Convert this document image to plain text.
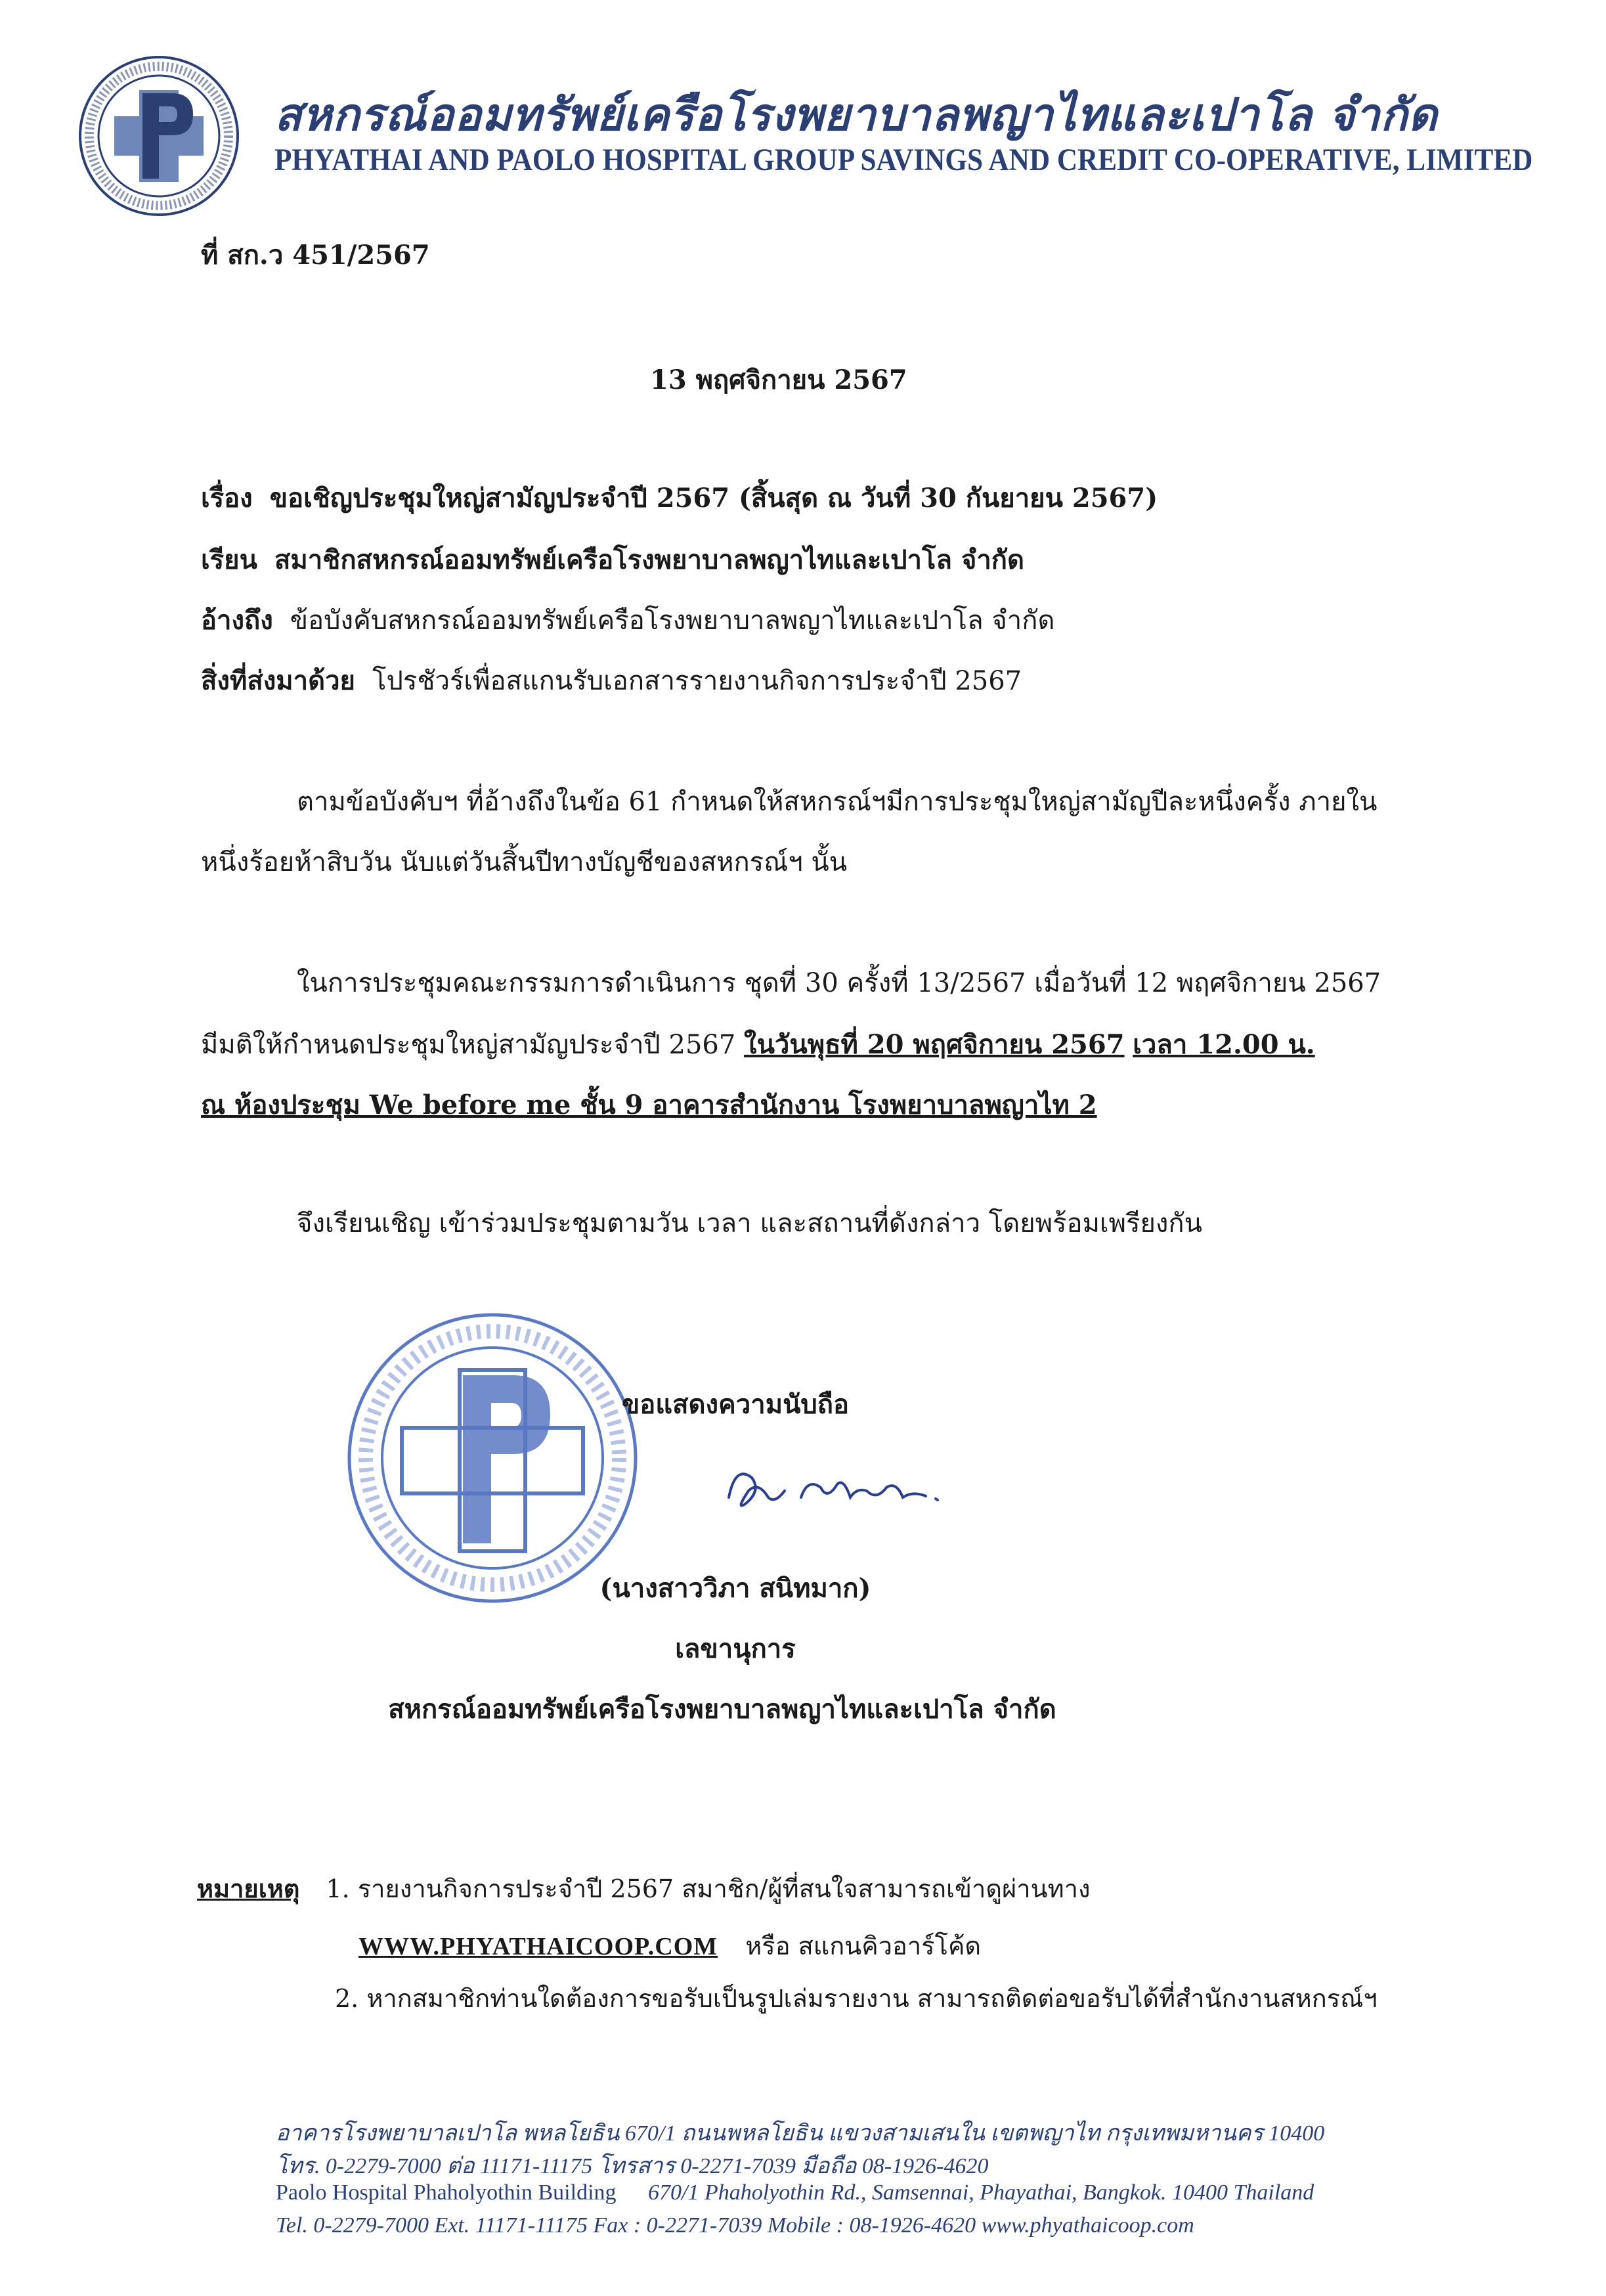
สหกรณ์ออมทรัพย์เครือโรงพยาบาลพญาไทและเปาโล จำกัด
PHYATHAI AND PAOLO HOSPITAL GROUP SAVINGS AND CREDIT CO-OPERATIVE, LIMITED
ที่ สก.ว 451/2567
13 พฤศจิกายน 2567
เรื่อง ขอเชิญประชุมใหญ่สามัญประจำปี 2567 (สิ้นสุด ณ วันที่ 30 กันยายน 2567)
เรียน สมาชิกสหกรณ์ออมทรัพย์เครือโรงพยาบาลพญาไทและเปาโล จำกัด
อ้างถึง ข้อบังคับสหกรณ์ออมทรัพย์เครือโรงพยาบาลพญาไทและเปาโล จำกัด
สิ่งที่ส่งมาด้วย โปรชัวร์เพื่อสแกนรับเอกสารรายงานกิจการประจำปี 2567
ตามข้อบังคับฯ ที่อ้างถึงในข้อ 61 กำหนดให้สหกรณ์ฯมีการประชุมใหญ่สามัญปีละหนึ่งครั้ง ภายใน
หนึ่งร้อยห้าสิบวัน นับแต่วันสิ้นปีทางบัญชีของสหกรณ์ฯ นั้น
ในการประชุมคณะกรรมการดำเนินการ ชุดที่ 30 ครั้งที่ 13/2567 เมื่อวันที่ 12 พฤศจิกายน 2567
มีมติให้กำหนดประชุมใหญ่สามัญประจำปี 2567 ในวันพุธที่ 20 พฤศจิกายน 2567 เวลา 12.00 น.
ณ ห้องประชุม We before me ชั้น 9 อาคารสำนักงาน โรงพยาบาลพญาไท 2
จึงเรียนเชิญ เข้าร่วมประชุมตามวัน เวลา และสถานที่ดังกล่าว โดยพร้อมเพรียงกัน
ขอแสดงความนับถือ
(นางสาววิภา สนิทมาก)
เลขานุการ
สหกรณ์ออมทรัพย์เครือโรงพยาบาลพญาไทและเปาโล จำกัด
หมายเหตุ 1. รายงานกิจการประจำปี 2567 สมาชิก/ผู้ที่สนใจสามารถเข้าดูผ่านทาง
WWW.PHYATHAICOOP.COM หรือ สแกนคิวอาร์โค้ด
2. หากสมาชิกท่านใดต้องการขอรับเป็นรูปเล่มรายงาน สามารถติดต่อขอรับได้ที่สำนักงานสหกรณ์ฯ
อาคารโรงพยาบาลเปาโล พหลโยธิน 670/1 ถนนพหลโยธิน แขวงสามเสนใน เขตพญาไท กรุงเทพมหานคร 10400
โทร. 0-2279-7000 ต่อ 11171-11175 โทรสาร 0-2271-7039 มือถือ 08-1926-4620
Paolo Hospital Phaholyothin Building 670/1 Phaholyothin Rd., Samsennai, Phayathai, Bangkok. 10400 Thailand
Tel. 0-2279-7000 Ext. 11171-11175 Fax : 0-2271-7039 Mobile : 08-1926-4620 www.phyathaicoop.com
